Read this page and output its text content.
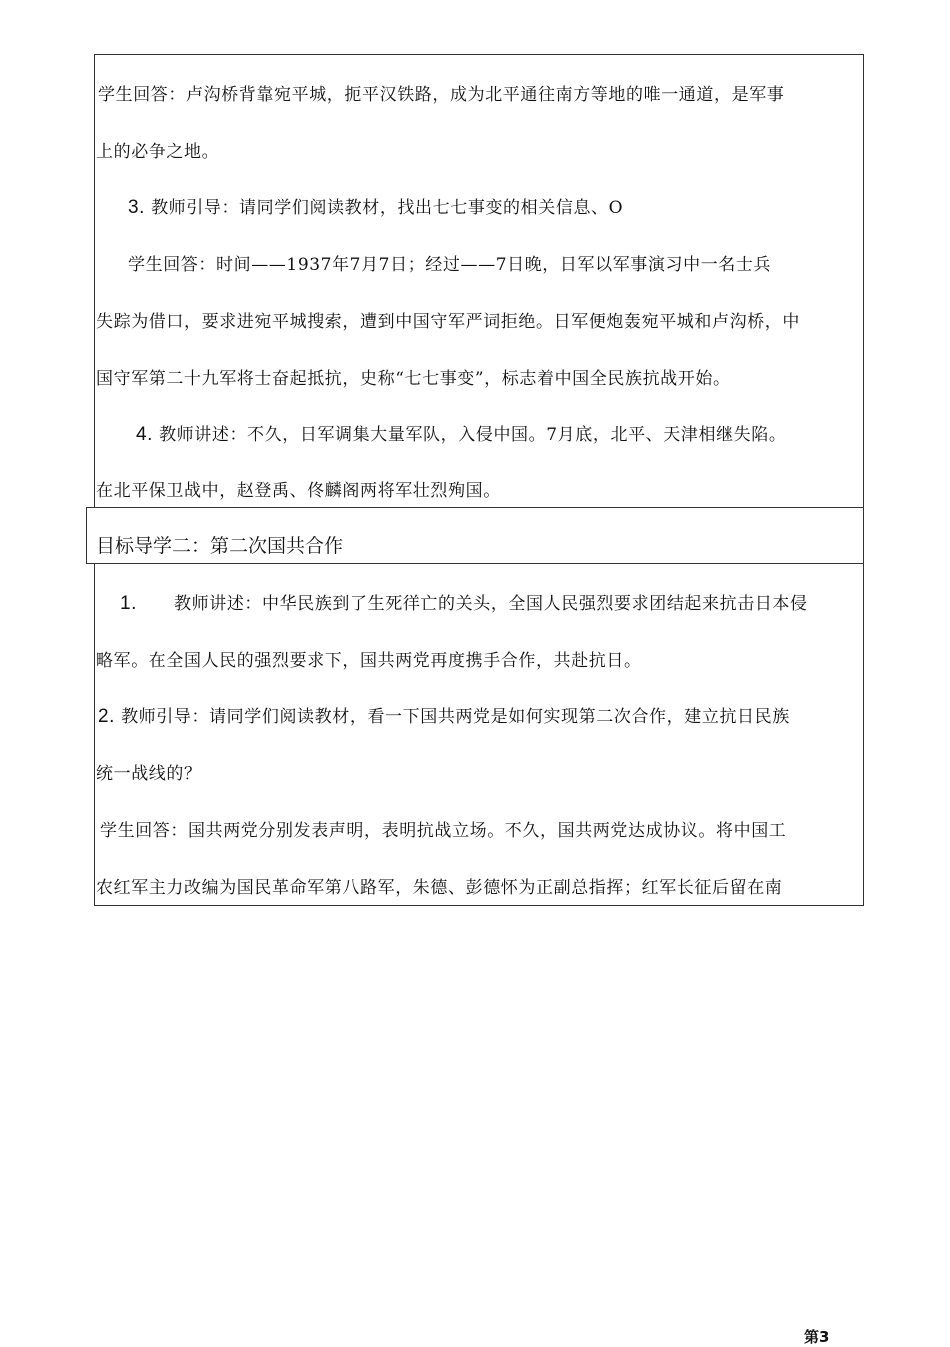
学生回答：卢沟桥背靠宛平城，扼平汉铁路，成为北平通往南方等地的唯一通道，是军事
上的必争之地。
3. 教师引导：请同学们阅读教材，找出七七事变的相关信息、O
学生回答：时间——1937年7月7日；经过——7日晚，日军以军事演习中一名士兵
失踪为借口，要求进宛平城搜索，遭到中国守军严词拒绝。日军便炮轰宛平城和卢沟桥，中
国守军第二十九军将士奋起抵抗，史称“七七事变”，标志着中国全民族抗战开始。
4. 教师讲述：不久，日军调集大量军队，入侵中国。7月底，北平、天津相继失陷。
在北平保卫战中，赵登禹、佟麟阁两将军壮烈殉国。
目标导学二：第二次国共合作
1. 教师讲述：中华民族到了生死徉亡的关头，全国人民强烈要求团结起来抗击日本侵
略军。在全国人民的强烈要求下，国共两党再度携手合作，共赴抗日。
2. 教师引导：请同学们阅读教材，看一下国共两党是如何实现第二次合作，建立抗日民族
统一战线的？
学生回答：国共两党分别发表声明，表明抗战立场。不久，国共两党达成协议。将中国工
农红军主力改编为国民革命军第八路军，朱德、彭德怀为正副总指挥；红军长征后留在南
第3
